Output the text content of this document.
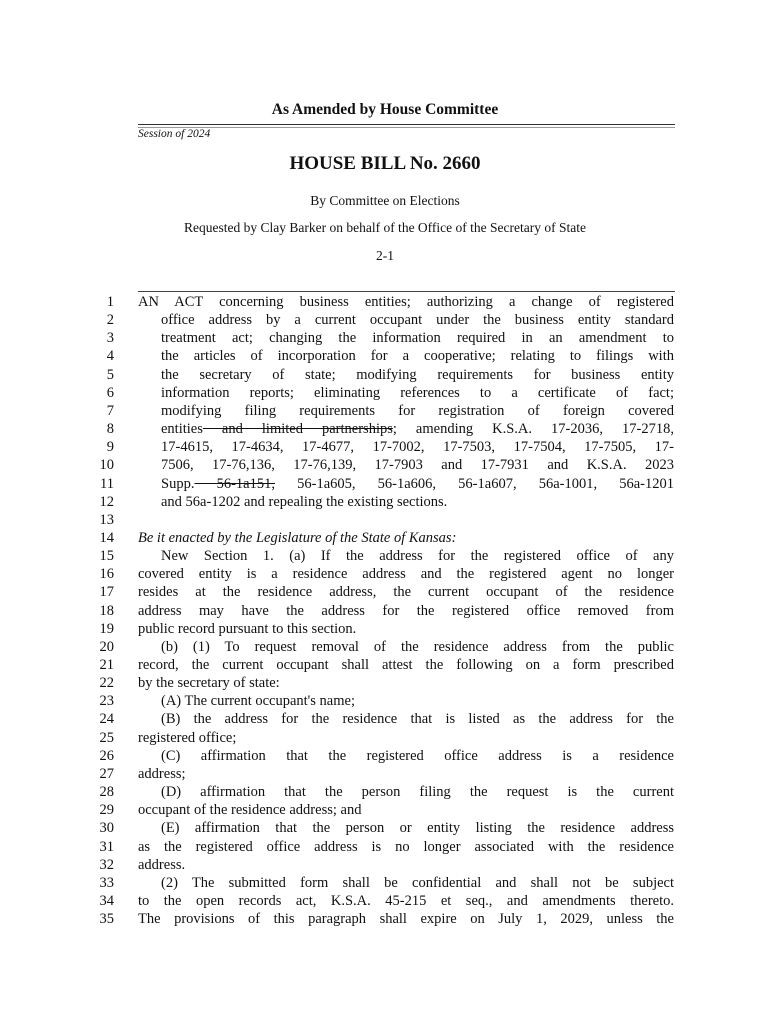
As Amended by House Committee
Session of 2024
HOUSE BILL No. 2660
By Committee on Elections
Requested by Clay Barker on behalf of the Office of the Secretary of State
2-1
1 AN ACT concerning business entities; authorizing a change of registered
2	office address by a current occupant under the business entity standard
3	treatment act; changing the information required in an amendment to
4	the articles of incorporation for a cooperative; relating to filings with
5	the secretary of state; modifying requirements for business entity
6	information reports; eliminating references to a certificate of fact;
7	modifying filing requirements for registration of foreign covered
8	entities and limited partnerships; amending K.S.A. 17-2036, 17-2718,
9	17-4615, 17-4634, 17-4677, 17-7002, 17-7503, 17-7504, 17-7505, 17-
10	7506, 17-76,136, 17-76,139, 17-7903 and 17-7931 and K.S.A. 2023
11	Supp. 56-1a151, 56-1a605, 56-1a606, 56-1a607, 56a-1001, 56a-1201
12	and 56a-1202 and repealing the existing sections.
13
14 Be it enacted by the Legislature of the State of Kansas:
15	New Section 1. (a) If the address for the registered office of any
16 covered entity is a residence address and the registered agent no longer
17 resides at the residence address, the current occupant of the residence
18 address may have the address for the registered office removed from
19 public record pursuant to this section.
20	(b) (1) To request removal of the residence address from the public
21 record, the current occupant shall attest the following on a form prescribed
22 by the secretary of state:
23	(A) The current occupant's name;
24	(B) the address for the residence that is listed as the address for the
25 registered office;
26	(C) affirmation that the registered office address is a residence
27 address;
28	(D) affirmation that the person filing the request is the current
29 occupant of the residence address; and
30	(E) affirmation that the person or entity listing the residence address
31 as the registered office address is no longer associated with the residence
32 address.
33	(2) The submitted form shall be confidential and shall not be subject
34 to the open records act, K.S.A. 45-215 et seq., and amendments thereto.
35 The provisions of this paragraph shall expire on July 1, 2029, unless the
